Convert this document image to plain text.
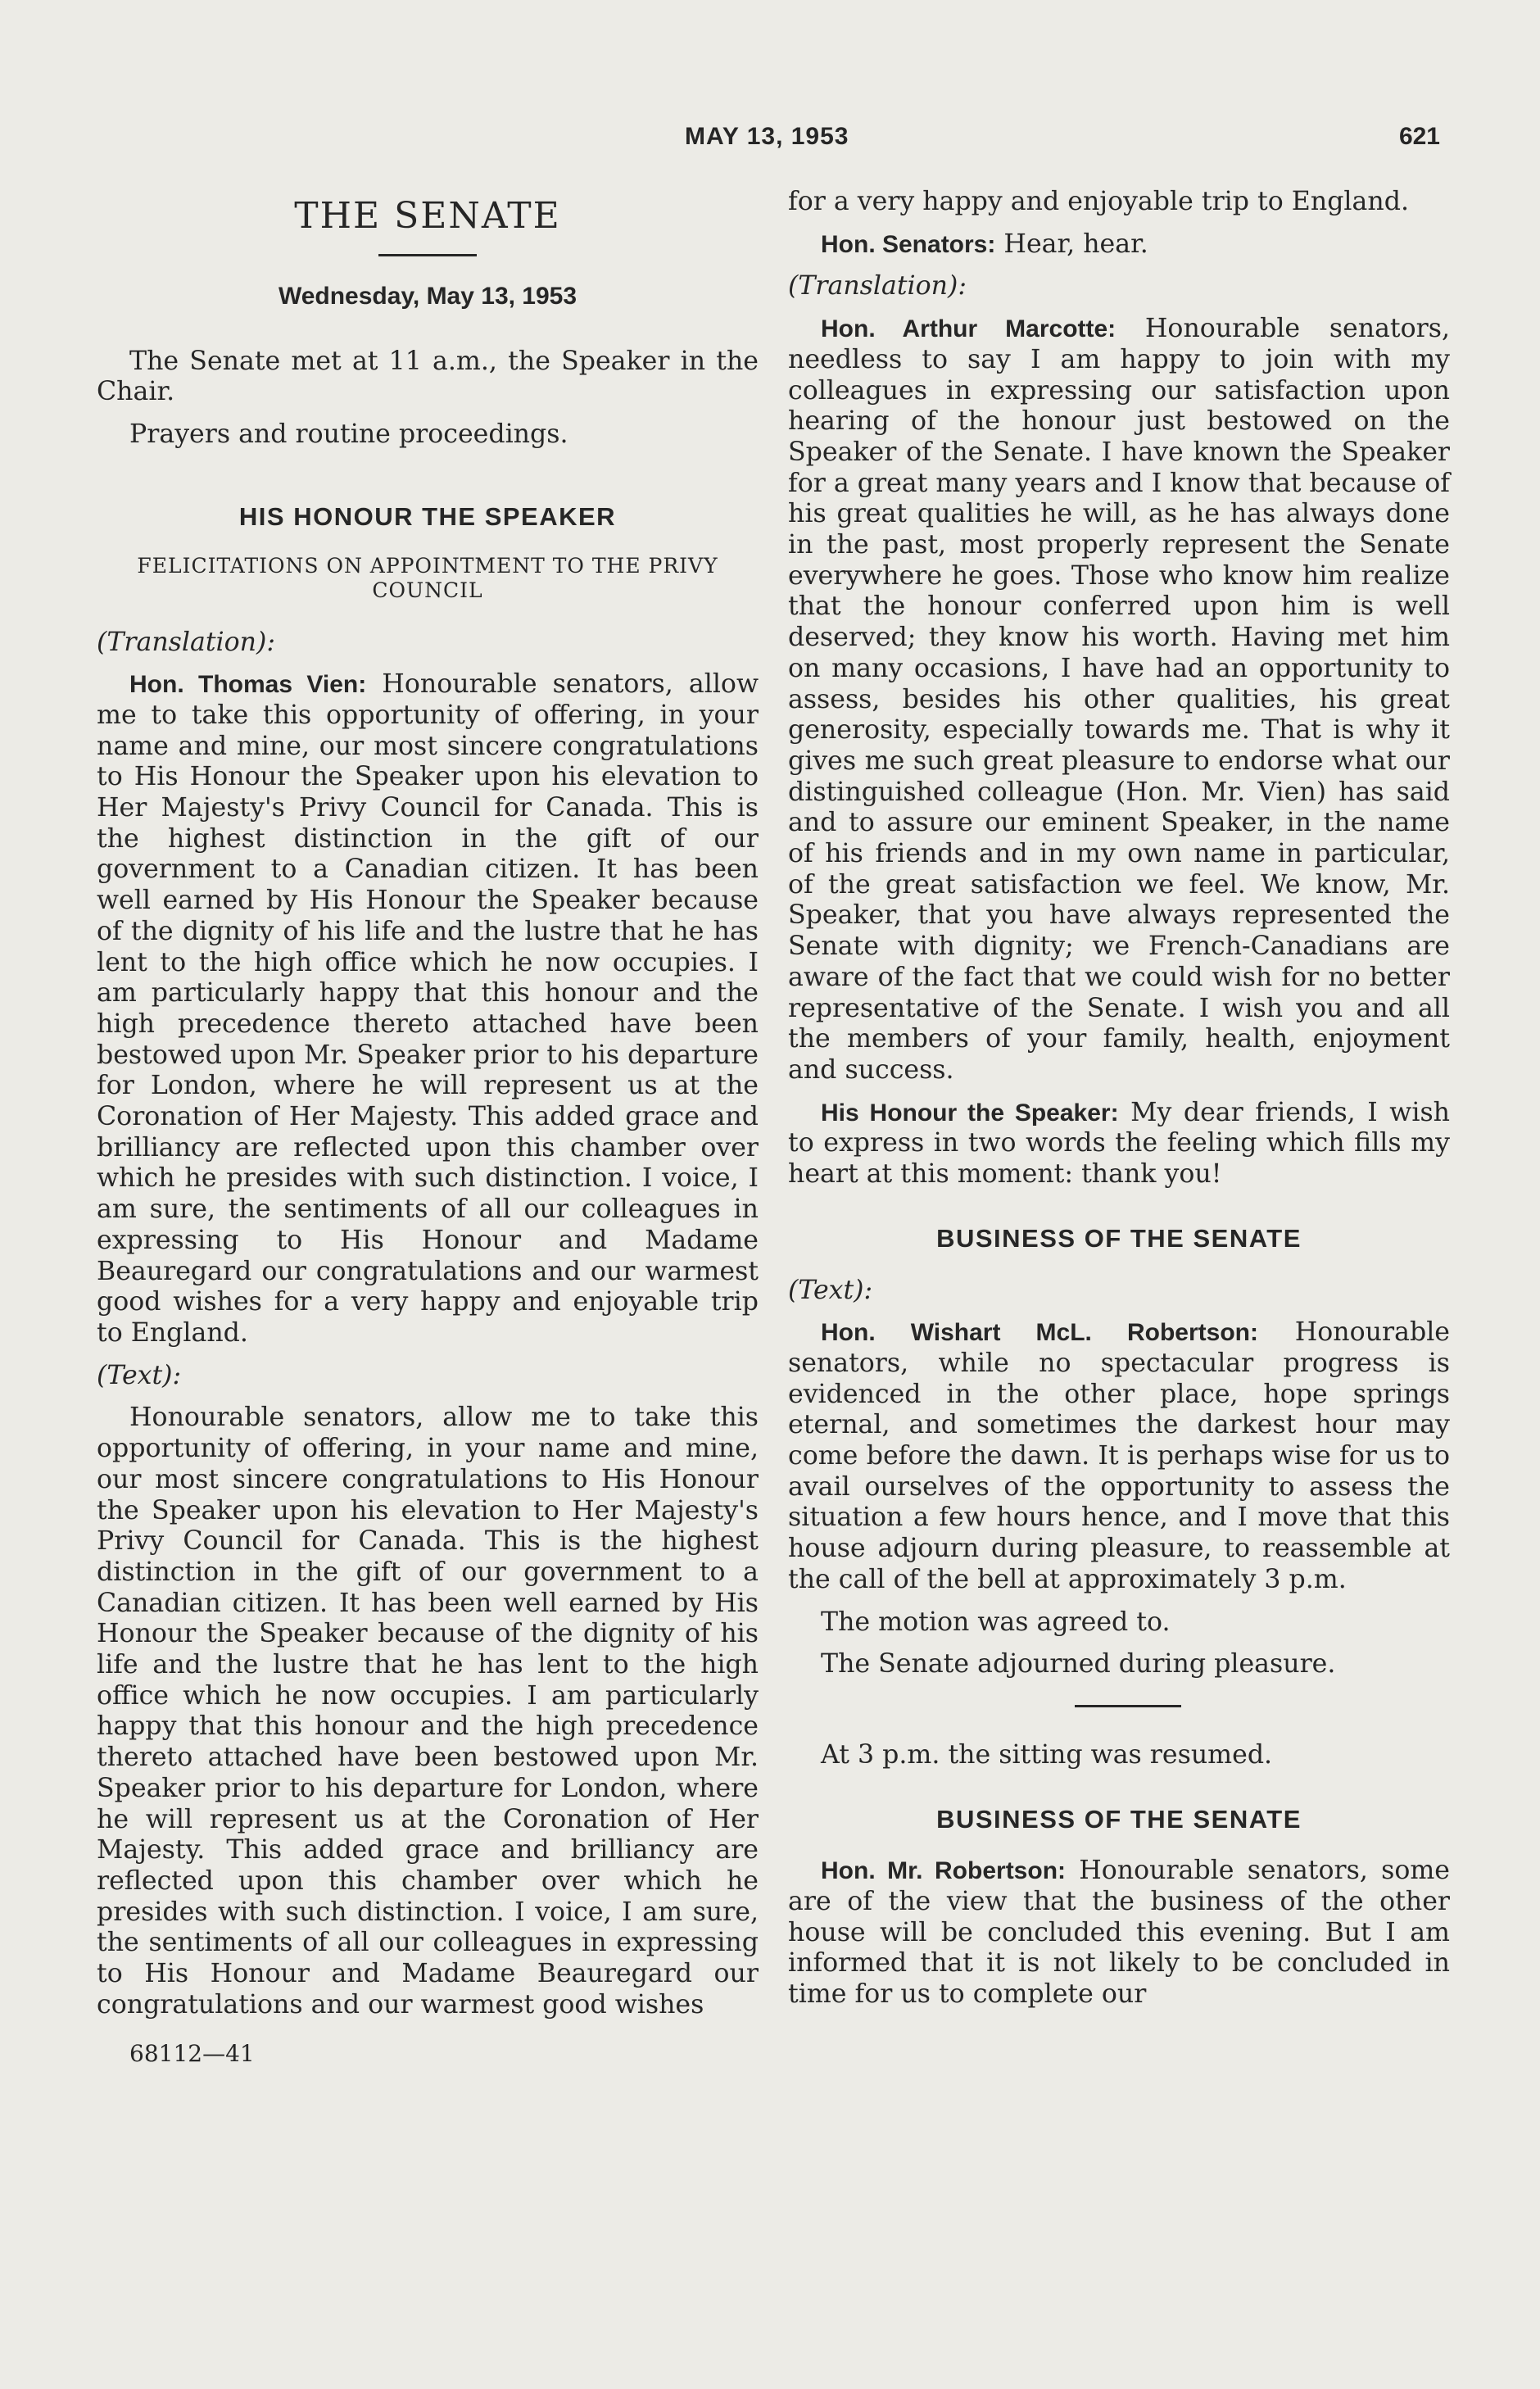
MAY 13, 1953	621
THE SENATE
Wednesday, May 13, 1953

The Senate met at 11 a.m., the Speaker in the Chair.

Prayers and routine proceedings.

HIS HONOUR THE SPEAKER
FELICITATIONS ON APPOINTMENT TO THE PRIVY COUNCIL
(Translation):

Hon. Thomas Vien: Honourable senators, allow me to take this opportunity of offering, in your name and mine, our most sincere congratulations to His Honour the Speaker upon his elevation to Her Majesty's Privy Council for Canada. This is the highest distinction in the gift of our government to a Canadian citizen. It has been well earned by His Honour the Speaker because of the dignity of his life and the lustre that he has lent to the high office which he now occupies. I am particularly happy that this honour and the high precedence thereto attached have been bestowed upon Mr. Speaker prior to his departure for London, where he will represent us at the Coronation of Her Majesty. This added grace and brilliancy are reflected upon this chamber over which he presides with such distinction. I voice, I am sure, the sentiments of all our colleagues in expressing to His Honour and Madame Beauregard our congratulations and our warmest good wishes for a very happy and enjoyable trip to England.

(Text):

Honourable senators, allow me to take this opportunity of offering, in your name and mine, our most sincere congratulations to His Honour the Speaker upon his elevation to Her Majesty's Privy Council for Canada. This is the highest distinction in the gift of our government to a Canadian citizen. It has been well earned by His Honour the Speaker because of the dignity of his life and the lustre that he has lent to the high office which he now occupies. I am particularly happy that this honour and the high precedence thereto attached have been bestowed upon Mr. Speaker prior to his departure for London, where he will represent us at the Coronation of Her Majesty. This added grace and brilliancy are reflected upon this chamber over which he presides with such distinction. I voice, I am sure, the sentiments of all our colleagues in expressing to His Honour and Madame Beauregard our congratulations and our warmest good wishes

68112—41

for a very happy and enjoyable trip to England.

Hon. Senators: Hear, hear.

(Translation):

Hon. Arthur Marcotte: Honourable senators, needless to say I am happy to join with my colleagues in expressing our satisfaction upon hearing of the honour just bestowed on the Speaker of the Senate. I have known the Speaker for a great many years and I know that because of his great qualities he will, as he has always done in the past, most properly represent the Senate everywhere he goes. Those who know him realize that the honour conferred upon him is well deserved; they know his worth. Having met him on many occasions, I have had an opportunity to assess, besides his other qualities, his great generosity, especially towards me. That is why it gives me such great pleasure to endorse what our distinguished colleague (Hon. Mr. Vien) has said and to assure our eminent Speaker, in the name of his friends and in my own name in particular, of the great satisfaction we feel. We know, Mr. Speaker, that you have always represented the Senate with dignity; we French-Canadians are aware of the fact that we could wish for no better representative of the Senate. I wish you and all the members of your family, health, enjoyment and success.

His Honour the Speaker: My dear friends, I wish to express in two words the feeling which fills my heart at this moment: thank you!

BUSINESS OF THE SENATE
(Text):

Hon. Wishart McL. Robertson: Honourable senators, while no spectacular progress is evidenced in the other place, hope springs eternal, and sometimes the darkest hour may come before the dawn. It is perhaps wise for us to avail ourselves of the opportunity to assess the situation a few hours hence, and I move that this house adjourn during pleasure, to reassemble at the call of the bell at approximately 3 p.m.

The motion was agreed to.

The Senate adjourned during pleasure.

At 3 p.m. the sitting was resumed.

BUSINESS OF THE SENATE

Hon. Mr. Robertson: Honourable senators, some are of the view that the business of the other house will be concluded this evening. But I am informed that it is not likely to be concluded in time for us to complete our
